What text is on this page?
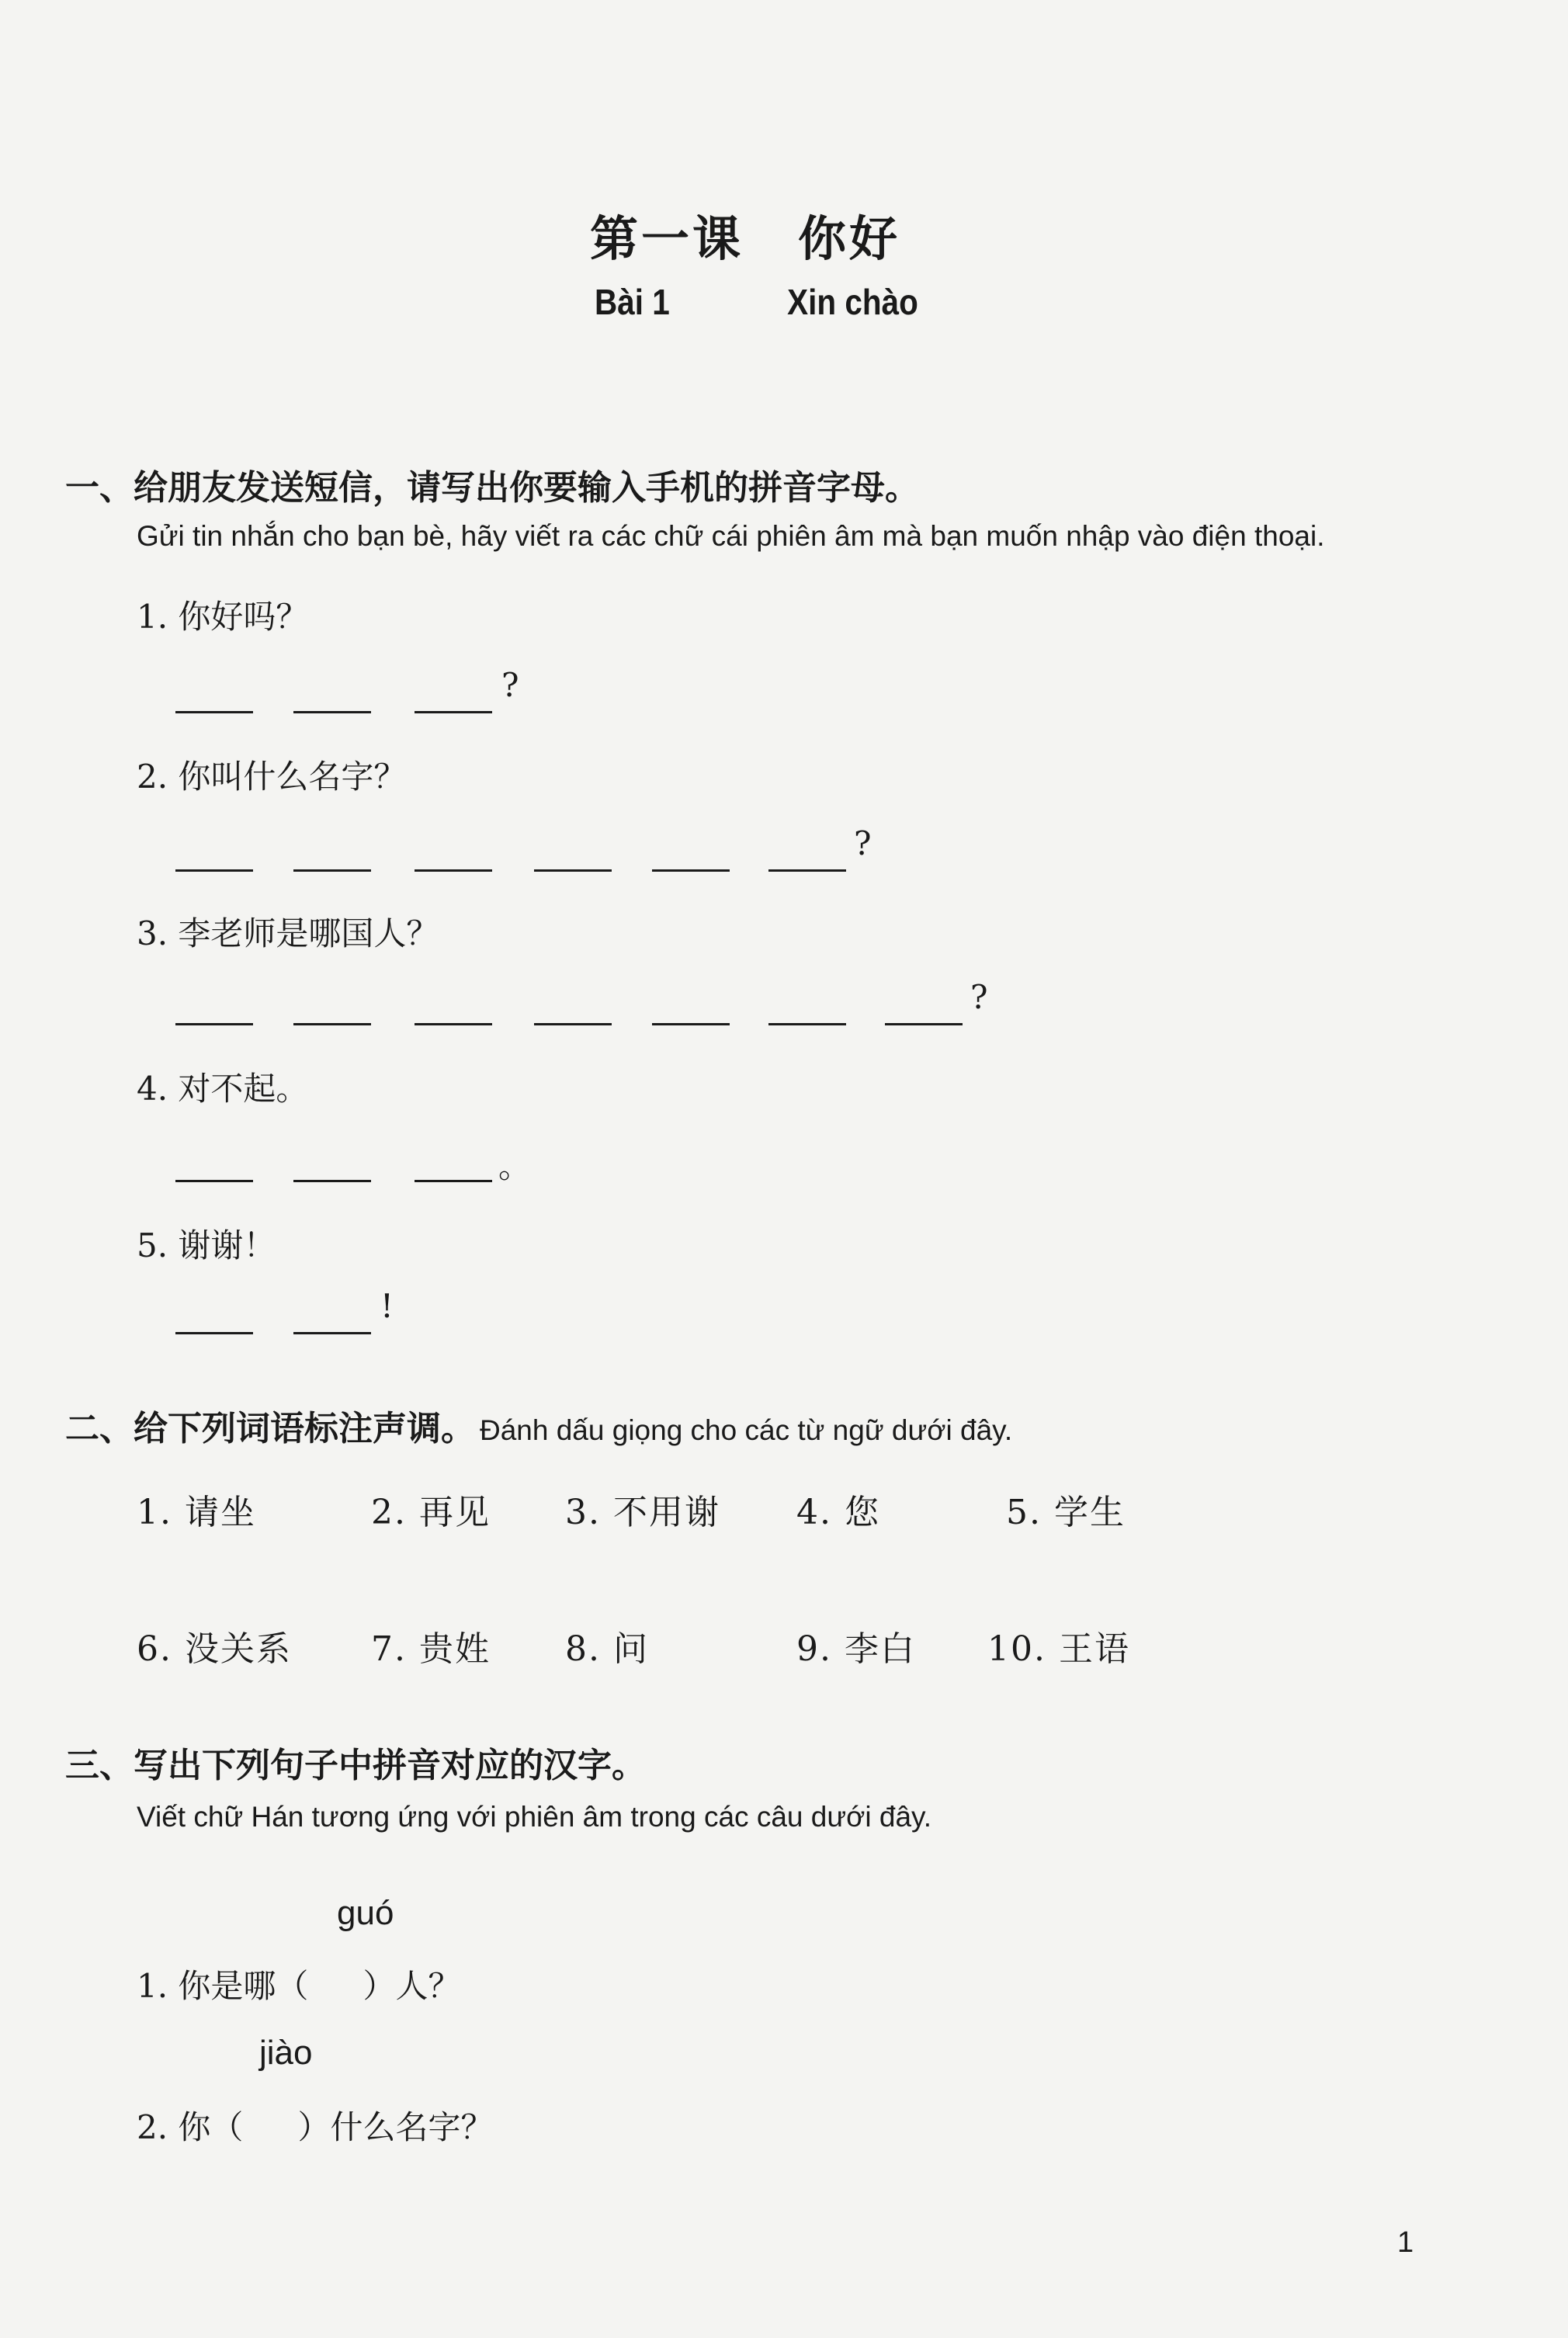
第一课 你好
Bài 1	Xin chào
一、给朋友发送短信，请写出你要输入手机的拼音字母。
Gửi tin nhắn cho bạn bè, hãy viết ra các chữ cái phiên âm mà bạn muốn nhập vào điện thoại.
1. 你好吗？
?
2. 你叫什么名字？
?
3. 李老师是哪国人？
?
4. 对不起。
。
5. 谢谢！
!
二、给下列词语标注声调。 Đánh dấu giọng cho các từ ngữ dưới đây.
1. 请坐	2. 再见 3. 不用谢 4. 您	5. 学生
6. 没关系 7. 贵姓 8. 问	9. 李白 10. 王语
三、写出下列句子中拼音对应的汉字。
Viết chữ Hán tương ứng với phiên âm trong các câu dưới đây.
guó
1. 你是哪（ ）人？
jiào
2. 你（ ）什么名字？
1
